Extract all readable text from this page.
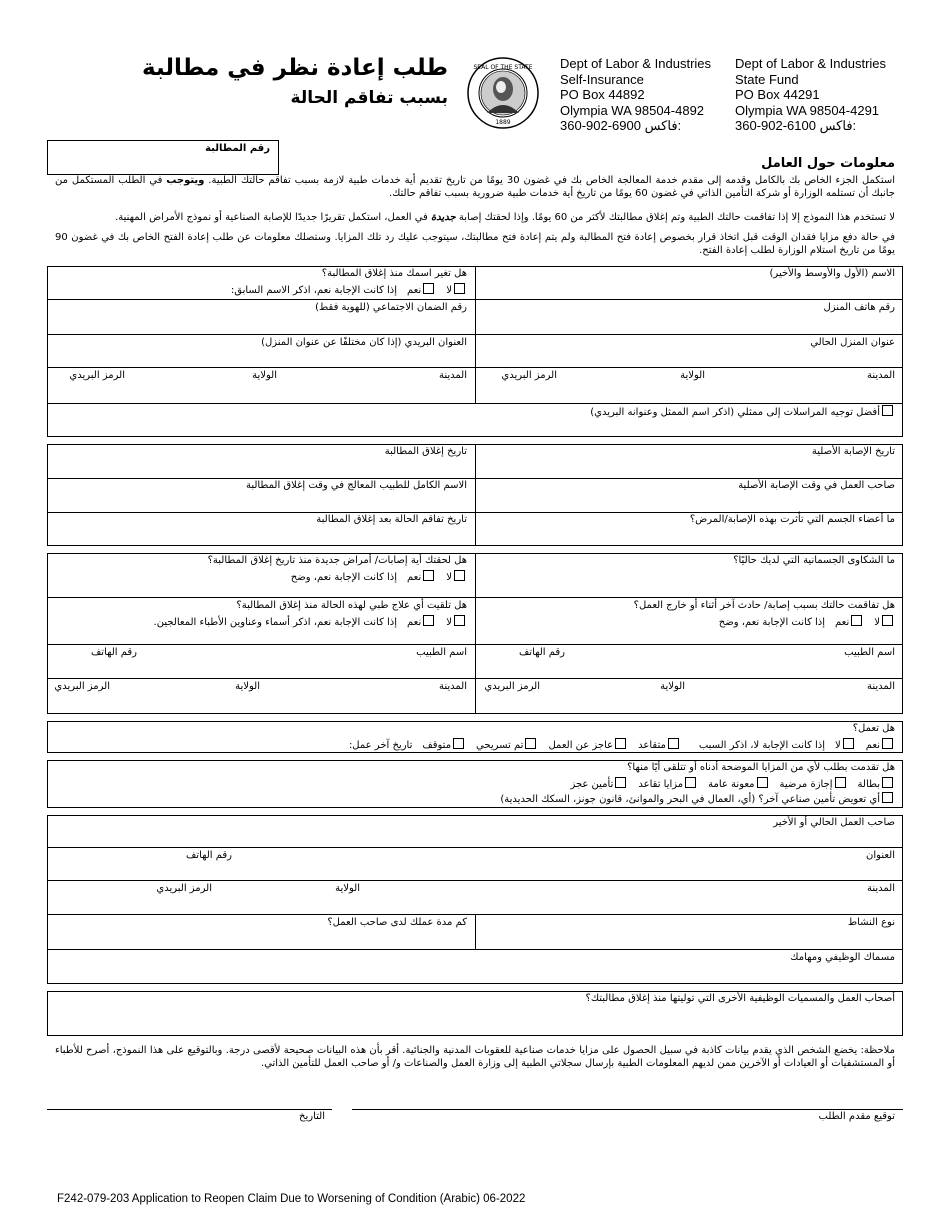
طلب إعادة نظر في مطالبة
بسبب تفاقم الحالة
SEAL OF THE STATE
1889
Dept of Labor & Industries
Self-Insurance
PO Box 44892
Olympia WA 98504-4892
360-902-6900 فاكس:
Dept of Labor & Industries
State Fund
PO Box 44291
Olympia WA 98504-4291
360-902-6100 فاكس:
رقم المطالبة
معلومات حول العامل
استكمل الجزء الخاص بك بالكامل وقدمه إلى مقدم خدمة المعالجة الخاص بك في غضون 30 يومًا من تاريخ تقديم أية خدمات طبية لازمة بسبب تفاقم حالتك الطبية. ويتوجب في الطلب المستكمل من جانبك أن تستلمه الوزارة أو شركة التأمين الذاتي في غضون 60 يومًا من تاريخ أية خدمات طبية ضرورية بسبب تفاقم حالتك.
لا تستخدم هذا النموذج إلا إذا تفاقمت حالتك الطبية وتم إغلاق مطالبتك لأكثر من 60 يومًا. وإذا لحقتك إصابة جديدة في العمل، استكمل تقريرًا جديدًا للإصابة الصناعية أو نموذج الأمراض المهنية.
في حالة دفع مزايا فقدان الوقت قبل اتخاذ قرار بخصوص إعادة فتح المطالبة ولم يتم إعادة فتح مطالبتك، سيتوجب عليك رد تلك المزايا. وستصلك معلومات عن طلب إعادة الفتح الخاص بك في غضون 90 يومًا من تاريخ استلام الوزارة لطلب إعادة الفتح.
الاسم (الأول والأوسط والأخير)
هل تغير اسمك منذ إغلاق المطالبة؟
لانعمإذا كانت الإجابة نعم، اذكر الاسم السابق:
رقم هاتف المنزل
رقم الضمان الاجتماعي (للهوية فقط)
عنوان المنزل الحالي
العنوان البريدي (إذا كان مختلفًا عن عنوان المنزل)
المدينة
الولاية
الرمز البريدي
المدينة
الولاية
الرمز البريدي
أفضل توجيه المراسلات إلى ممثلي (اذكر اسم الممثل وعنوانه البريدي)
تاريخ الإصابة الأصلية
تاريخ إغلاق المطالبة
صاحب العمل في وقت الإصابة الأصلية
الاسم الكامل للطبيب المعالج في وقت إغلاق المطالبة
ما أعضاء الجسم التي تأثرت بهذه الإصابة/المرض؟
تاريخ تفاقم الحالة بعد إغلاق المطالبة
ما الشكاوى الجسمانية التي لديك حاليًا؟
هل لحقتك أية إصابات/ أمراض جديدة منذ تاريخ إغلاق المطالبة؟
لانعمإذا كانت الإجابة نعم، وضح
هل تفاقمت حالتك بسبب إصابة/ حادث آخر أثناء أو خارج العمل؟
لانعمإذا كانت الإجابة نعم، وضح
هل تلقيت أي علاج طبي لهذه الحالة منذ إغلاق المطالبة؟
لانعمإذا كانت الإجابة نعم، اذكر أسماء وعناوين الأطباء المعالجين.
اسم الطبيب
رقم الهاتف
اسم الطبيب
رقم الهاتف
المدينة
الولاية
الرمز البريدي
المدينة
الولاية
الرمز البريدي
هل تعمل؟
نعملاإذا كانت الإجابة لا، اذكر السببمتقاعدعاجز عن العملتم تسريحيمتوقفتاريخ آخر عمل:
هل تقدمت بطلب لأي من المزايا الموضحة أدناه أو تتلقى أيًا منها؟
بطالةإجازة مرضيةمعونة عامةمزايا تقاعدتأمين عجز
أي تعويض تأمين صناعي آخر؟ (أي، العمال في البحر والموانئ، قانون جونز، السكك الحديدية)
صاحب العمل الحالي أو الأخير
العنوان
رقم الهاتف
المدينة
الولاية
الرمز البريدي
نوع النشاط
كم مدة عملك لدى صاحب العمل؟
مسماك الوظيفي ومهامك
أصحاب العمل والمسميات الوظيفية الأخرى التي توليتها منذ إغلاق مطالبتك؟
ملاحظة: يخضع الشخص الذي يقدم بيانات كاذبة في سبيل الحصول على مزايا خدمات صناعية للعقوبات المدنية والجنائية. أقر بأن هذه البيانات صحيحة لأقصى درجة. وبالتوقيع على هذا النموذج، أصرح للأطباء أو المستشفيات أو العيادات أو الآخرين ممن لديهم المعلومات الطبية بإرسال سجلاتي الطبية إلى وزارة العمل والصناعات و/ أو صاحب العمل للتأمين الذاتي.
توقيع مقدم الطلب
التاريخ
F242-079-203 Application to Reopen Claim Due to Worsening of Condition (Arabic) 06-2022
